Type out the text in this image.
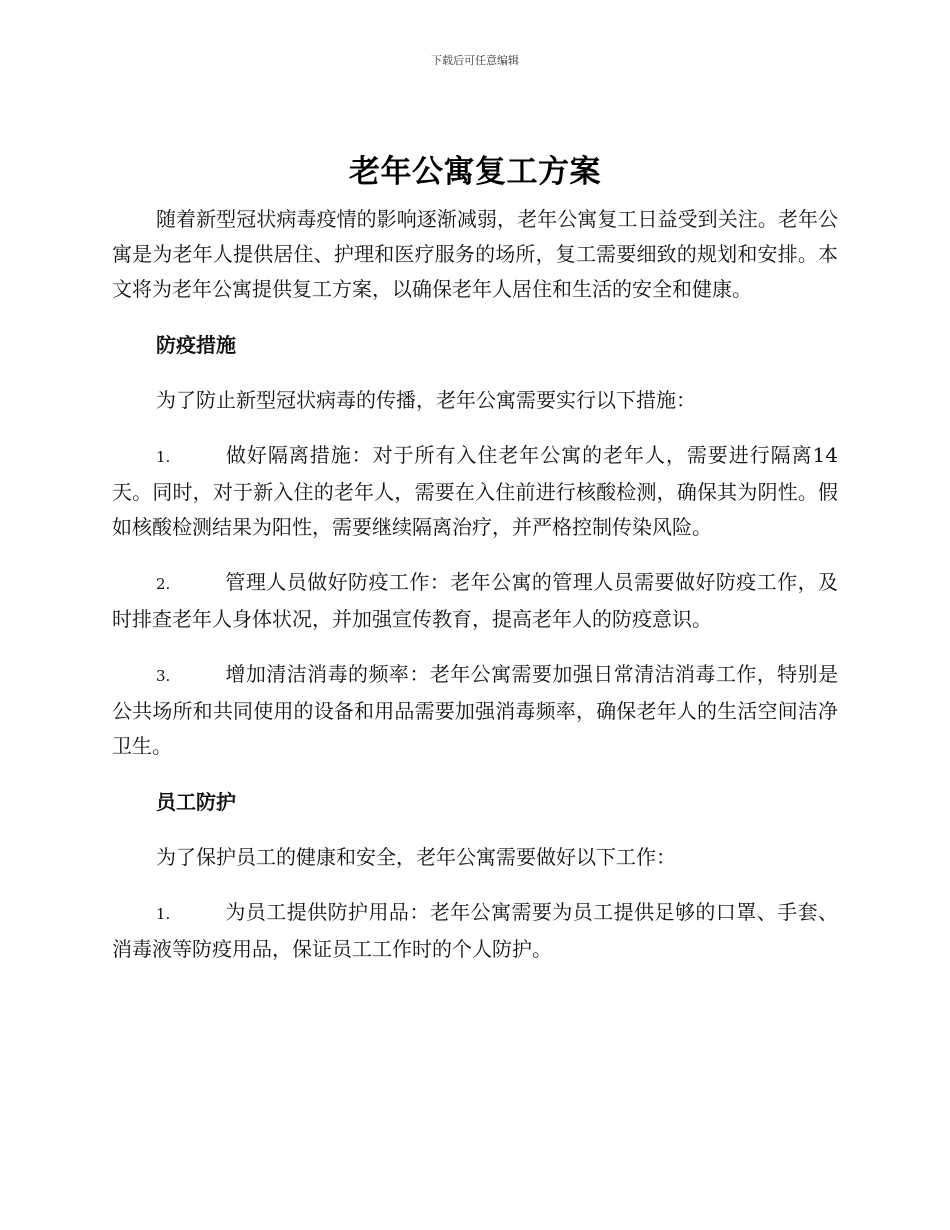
下载后可任意编辑
老年公寓复工方案

随着新型冠状病毒疫情的影响逐渐减弱，老年公寓复工日益受到关注。老年公寓是为老年人提供居住、护理和医疗服务的场所，复工需要细致的规划和安排。本文将为老年公寓提供复工方案，以确保老年人居住和生活的安全和健康。

防疫措施

为了防止新型冠状病毒的传播，老年公寓需要实行以下措施：

1.	做好隔离措施：对于所有入住老年公寓的老年人，需要进行隔离14天。同时，对于新入住的老年人，需要在入住前进行核酸检测，确保其为阴性。假如核酸检测结果为阳性，需要继续隔离治疗，并严格控制传染风险。

2.	管理人员做好防疫工作：老年公寓的管理人员需要做好防疫工作，及时排查老年人身体状况，并加强宣传教育，提高老年人的防疫意识。

3.	增加清洁消毒的频率：老年公寓需要加强日常清洁消毒工作，特别是公共场所和共同使用的设备和用品需要加强消毒频率，确保老年人的生活空间洁净卫生。

员工防护

为了保护员工的健康和安全，老年公寓需要做好以下工作：

1.	为员工提供防护用品：老年公寓需要为员工提供足够的口罩、手套、消毒液等防疫用品，保证员工工作时的个人防护。
